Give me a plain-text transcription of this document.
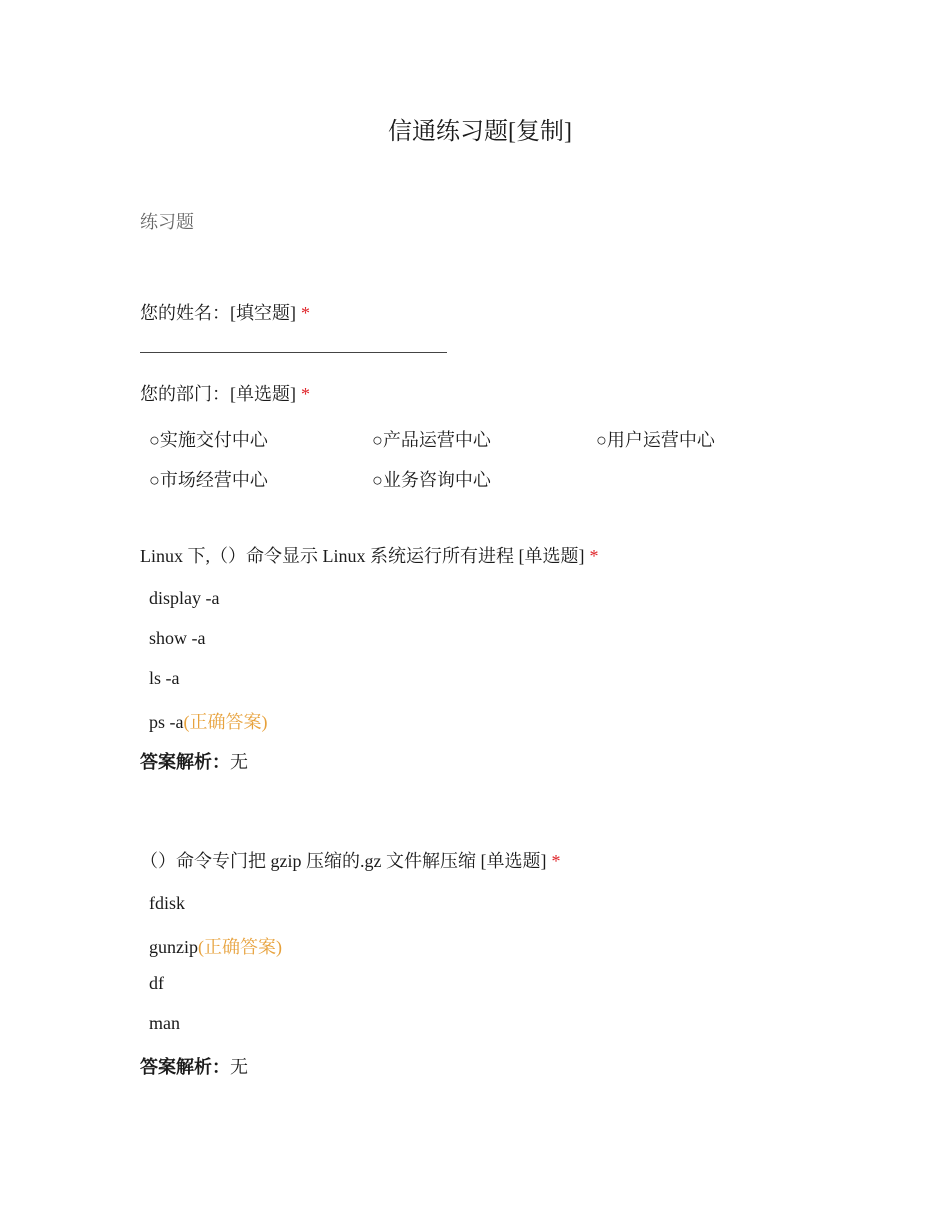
信通练习题[复制]
练习题
您的姓名：[填空题] *
您的部门：[单选题] *
○实施交付中心	○产品运营中心	○用户运营中心
○市场经营中心	○业务咨询中心
Linux 下,（）命令显示 Linux 系统运行所有进程 [单选题] *
display -a
show -a
ls -a
ps -a(正确答案)
答案解析：无
（）命令专门把 gzip 压缩的.gz 文件解压缩 [单选题] *
fdisk
gunzip(正确答案)
df
man
答案解析：无
